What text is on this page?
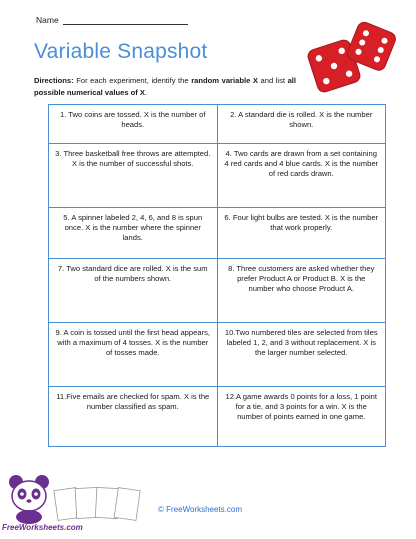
Name
Variable Snapshot
Directions: For each experiment, identify the random variable X and list all possible numerical values of X.
1. Two coins are tossed. X is the number of heads.	2. A standard die is rolled. X is the number shown.
3. Three basketball free throws are attempted. X is the number of successful shots.	4. Two cards are drawn from a set containing 4 red cards and 4 blue cards. X is the number of red cards drawn.
5. A spinner labeled 2, 4, 6, and 8 is spun once. X is the number where the spinner lands.	6. Four light bulbs are tested. X is the number that work properly.
7. Two standard dice are rolled. X is the sum of the numbers shown.	8. Three customers are asked whether they prefer Product A or Product B. X is the number who choose Product A.
9. A coin is tossed until the first head appears, with a maximum of 4 tosses. X is the number of tosses made.	10.Two numbered tiles are selected from tiles labeled 1, 2, and 3 without replacement. X is the larger number selected.
11.Five emails are checked for spam. X is the number classified as spam.	12.A game awards 0 points for a loss, 1 point for a tie, and 3 points for a win. X is the number of points earned in one game.
FreeWorksheets.com
© FreeWorksheets.com
